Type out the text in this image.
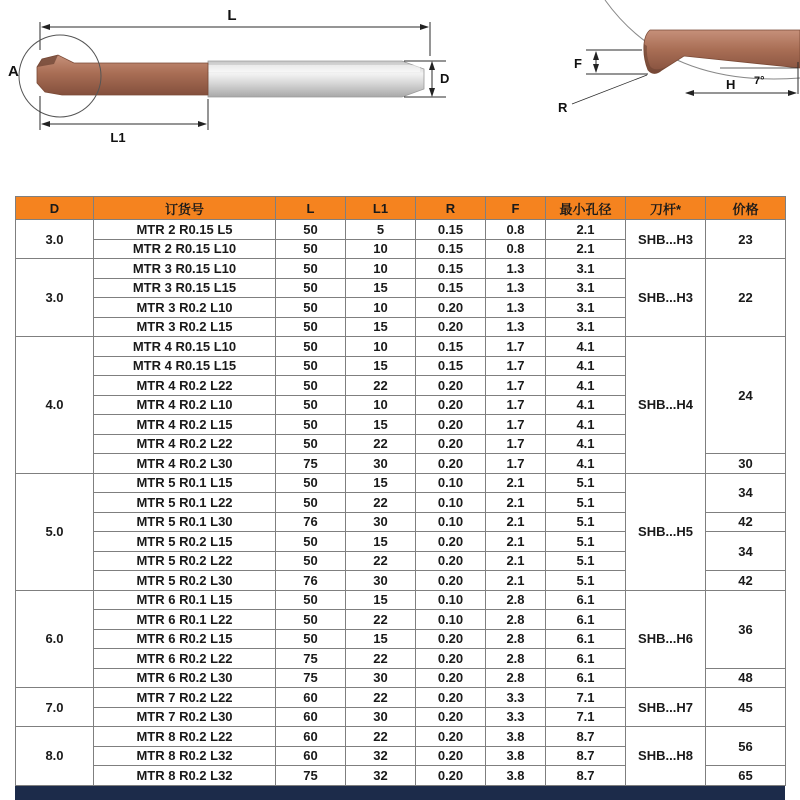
L
A
L1
D
F
R
H 7°
D	订货号	L	L1	R	F	最小孔径	刀杆*	价格
3.0	MTR 2 R0.15 L5	50	5	0.15	0.8	2.1	SHB...H3	23
	MTR 2 R0.15 L10	50	10	0.15	0.8	2.1		
3.0	MTR 3 R0.15 L10	50	10	0.15	1.3	3.1	SHB...H3	22
	MTR 3 R0.15 L15	50	15	0.15	1.3	3.1		
	MTR 3 R0.2 L10	50	10	0.20	1.3	3.1		
	MTR 3 R0.2 L15	50	15	0.20	1.3	3.1		
4.0	MTR 4 R0.15 L10	50	10	0.15	1.7	4.1	SHB...H4	24
	MTR 4 R0.15 L15	50	15	0.15	1.7	4.1		
	MTR 4 R0.2 L22	50	22	0.20	1.7	4.1		
	MTR 4 R0.2 L10	50	10	0.20	1.7	4.1		
	MTR 4 R0.2 L15	50	15	0.20	1.7	4.1		
	MTR 4 R0.2 L22	50	22	0.20	1.7	4.1		
	MTR 4 R0.2 L30	75	30	0.20	1.7	4.1		30
5.0	MTR 5 R0.1 L15	50	15	0.10	2.1	5.1	SHB...H5	34
	MTR 5 R0.1 L22	50	22	0.10	2.1	5.1		
	MTR 5 R0.1 L30	76	30	0.10	2.1	5.1		42
	MTR 5 R0.2 L15	50	15	0.20	2.1	5.1		34
	MTR 5 R0.2 L22	50	22	0.20	2.1	5.1		
	MTR 5 R0.2 L30	76	30	0.20	2.1	5.1		42
6.0	MTR 6 R0.1 L15	50	15	0.10	2.8	6.1	SHB...H6	36
	MTR 6 R0.1 L22	50	22	0.10	2.8	6.1		
	MTR 6 R0.2 L15	50	15	0.20	2.8	6.1		
	MTR 6 R0.2 L22	75	22	0.20	2.8	6.1		
	MTR 6 R0.2 L30	75	30	0.20	2.8	6.1		48
7.0	MTR 7 R0.2 L22	60	22	0.20	3.3	7.1	SHB...H7	45
	MTR 7 R0.2 L30	60	30	0.20	3.3	7.1		
8.0	MTR 8 R0.2 L22	60	22	0.20	3.8	8.7	SHB...H8	56
	MTR 8 R0.2 L32	60	32	0.20	3.8	8.7		
	MTR 8 R0.2 L32	75	32	0.20	3.8	8.7		65
